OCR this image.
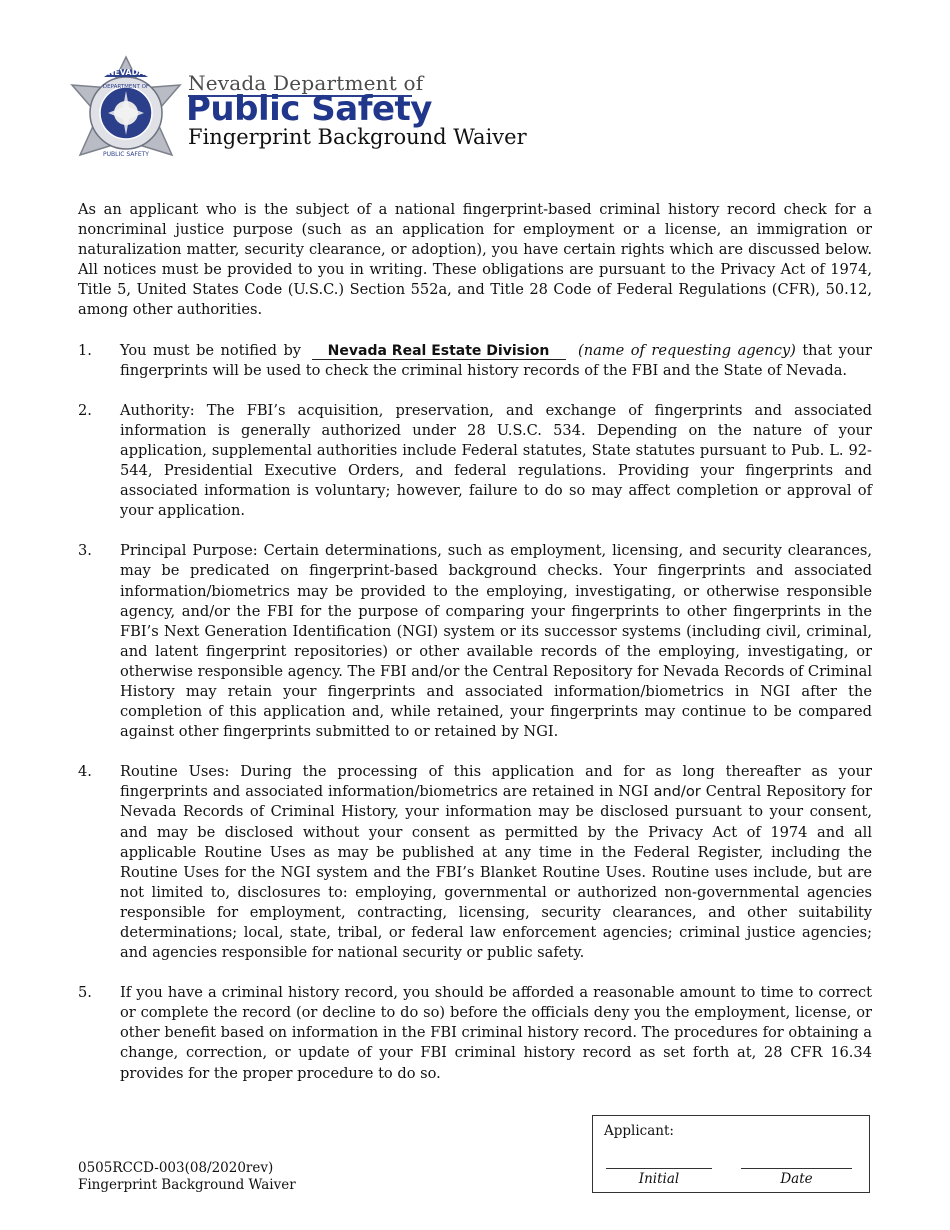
NEVADA
DEPARTMENT OF
PUBLIC SAFETY
Nevada Department of
Public Safety
Fingerprint Background Waiver

As an applicant who is the subject of a national fingerprint-based criminal history record check for a noncriminal justice purpose (such as an application for employment or a license, an immigration or naturalization matter, security clearance, or adoption), you have certain rights which are discussed below. All notices must be provided to you in writing. These obligations are pursuant to the Privacy Act of 1974, Title 5, United States Code (U.S.C.) Section 552a, and Title 28 Code of Federal Regulations (CFR), 50.12, among other authorities.

1.	You must be notified by Nevada Real Estate Division (name of requesting agency) that your fingerprints will be used to check the criminal history records of the FBI and the State of Nevada.
2.	Authority: The FBI’s acquisition, preservation, and exchange of fingerprints and associated information is generally authorized under 28 U.S.C. 534. Depending on the nature of your application, supplemental authorities include Federal statutes, State statutes pursuant to Pub. L. 92-544, Presidential Executive Orders, and federal regulations. Providing your fingerprints and associated information is voluntary; however, failure to do so may affect completion or approval of your application.
3.	Principal Purpose: Certain determinations, such as employment, licensing, and security clearances, may be predicated on fingerprint-based background checks. Your fingerprints and associated information/biometrics may be provided to the employing, investigating, or otherwise responsible agency, and/or the FBI for the purpose of comparing your fingerprints to other fingerprints in the FBI’s Next Generation Identification (NGI) system or its successor systems (including civil, criminal, and latent fingerprint repositories) or other available records of the employing, investigating, or otherwise responsible agency. The FBI and/or the Central Repository for Nevada Records of Criminal History may retain your fingerprints and associated information/biometrics in NGI after the completion of this application and, while retained, your fingerprints may continue to be compared against other fingerprints submitted to or retained by NGI.
4.	Routine Uses: During the processing of this application and for as long thereafter as your fingerprints and associated information/biometrics are retained in NGI and/or Central Repository for Nevada Records of Criminal History, your information may be disclosed pursuant to your consent, and may be disclosed without your consent as permitted by the Privacy Act of 1974 and all applicable Routine Uses as may be published at any time in the Federal Register, including the Routine Uses for the NGI system and the FBI’s Blanket Routine Uses. Routine uses include, but are not limited to, disclosures to: employing, governmental or authorized non-governmental agencies responsible for employment, contracting, licensing, security clearances, and other suitability determinations; local, state, tribal, or federal law enforcement agencies; criminal justice agencies; and agencies responsible for national security or public safety.
5.	If you have a criminal history record, you should be afforded a reasonable amount to time to correct or complete the record (or decline to do so) before the officials deny you the employment, license, or other benefit based on information in the FBI criminal history record. The procedures for obtaining a change, correction, or update of your FBI criminal history record as set forth at, 28 CFR 16.34 provides for the proper procedure to do so.
0505RCCD-003(08/2020rev)
Fingerprint Background Waiver
Applicant:
Initial	Date
